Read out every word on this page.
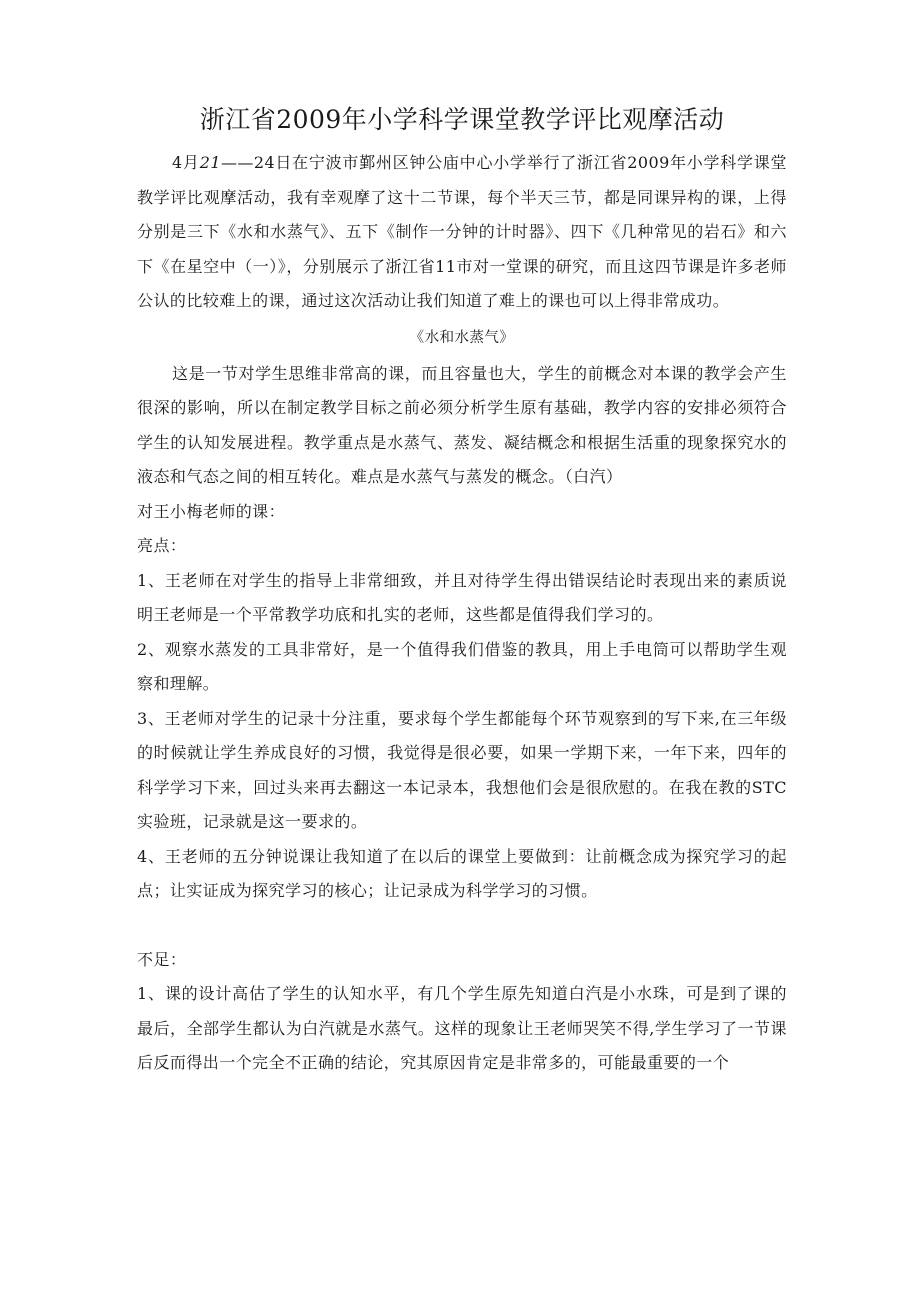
浙江省2009年小学科学课堂教学评比观摩活动

4月21——24日在宁波市鄞州区钟公庙中心小学举行了浙江省2009年小学科学课堂教学评比观摩活动，我有幸观摩了这十二节课，每个半天三节，都是同课异构的课，上得分别是三下《水和水蒸气》、五下《制作一分钟的计时器》、四下《几种常见的岩石》和六下《在星空中（一）》，分别展示了浙江省11市对一堂课的研究，而且这四节课是许多老师公认的比较难上的课，通过这次活动让我们知道了难上的课也可以上得非常成功。

《水和水蒸气》

这是一节对学生思维非常高的课，而且容量也大，学生的前概念对本课的教学会产生很深的影响，所以在制定教学目标之前必须分析学生原有基础，教学内容的安排必须符合学生的认知发展进程。教学重点是水蒸气、蒸发、凝结概念和根据生活重的现象探究水的液态和气态之间的相互转化。难点是水蒸气与蒸发的概念。（白汽）

对王小梅老师的课：

亮点：

1、王老师在对学生的指导上非常细致，并且对待学生得出错误结论时表现出来的素质说明王老师是一个平常教学功底和扎实的老师，这些都是值得我们学习的。

2、观察水蒸发的工具非常好，是一个值得我们借鉴的教具，用上手电筒可以帮助学生观察和理解。

3、王老师对学生的记录十分注重，要求每个学生都能每个环节观察到的写下来,在三年级的时候就让学生养成良好的习惯，我觉得是很必要，如果一学期下来，一年下来，四年的科学学习下来，回过头来再去翻这一本记录本，我想他们会是很欣慰的。在我在教的STC实验班，记录就是这一要求的。

4、王老师的五分钟说课让我知道了在以后的课堂上要做到：让前概念成为探究学习的起点；让实证成为探究学习的核心；让记录成为科学学习的习惯。

不足：

1、课的设计高估了学生的认知水平，有几个学生原先知道白汽是小水珠，可是到了课的最后，全部学生都认为白汽就是水蒸气。这样的现象让王老师哭笑不得,学生学习了一节课后反而得出一个完全不正确的结论，究其原因肯定是非常多的，可能最重要的一个
